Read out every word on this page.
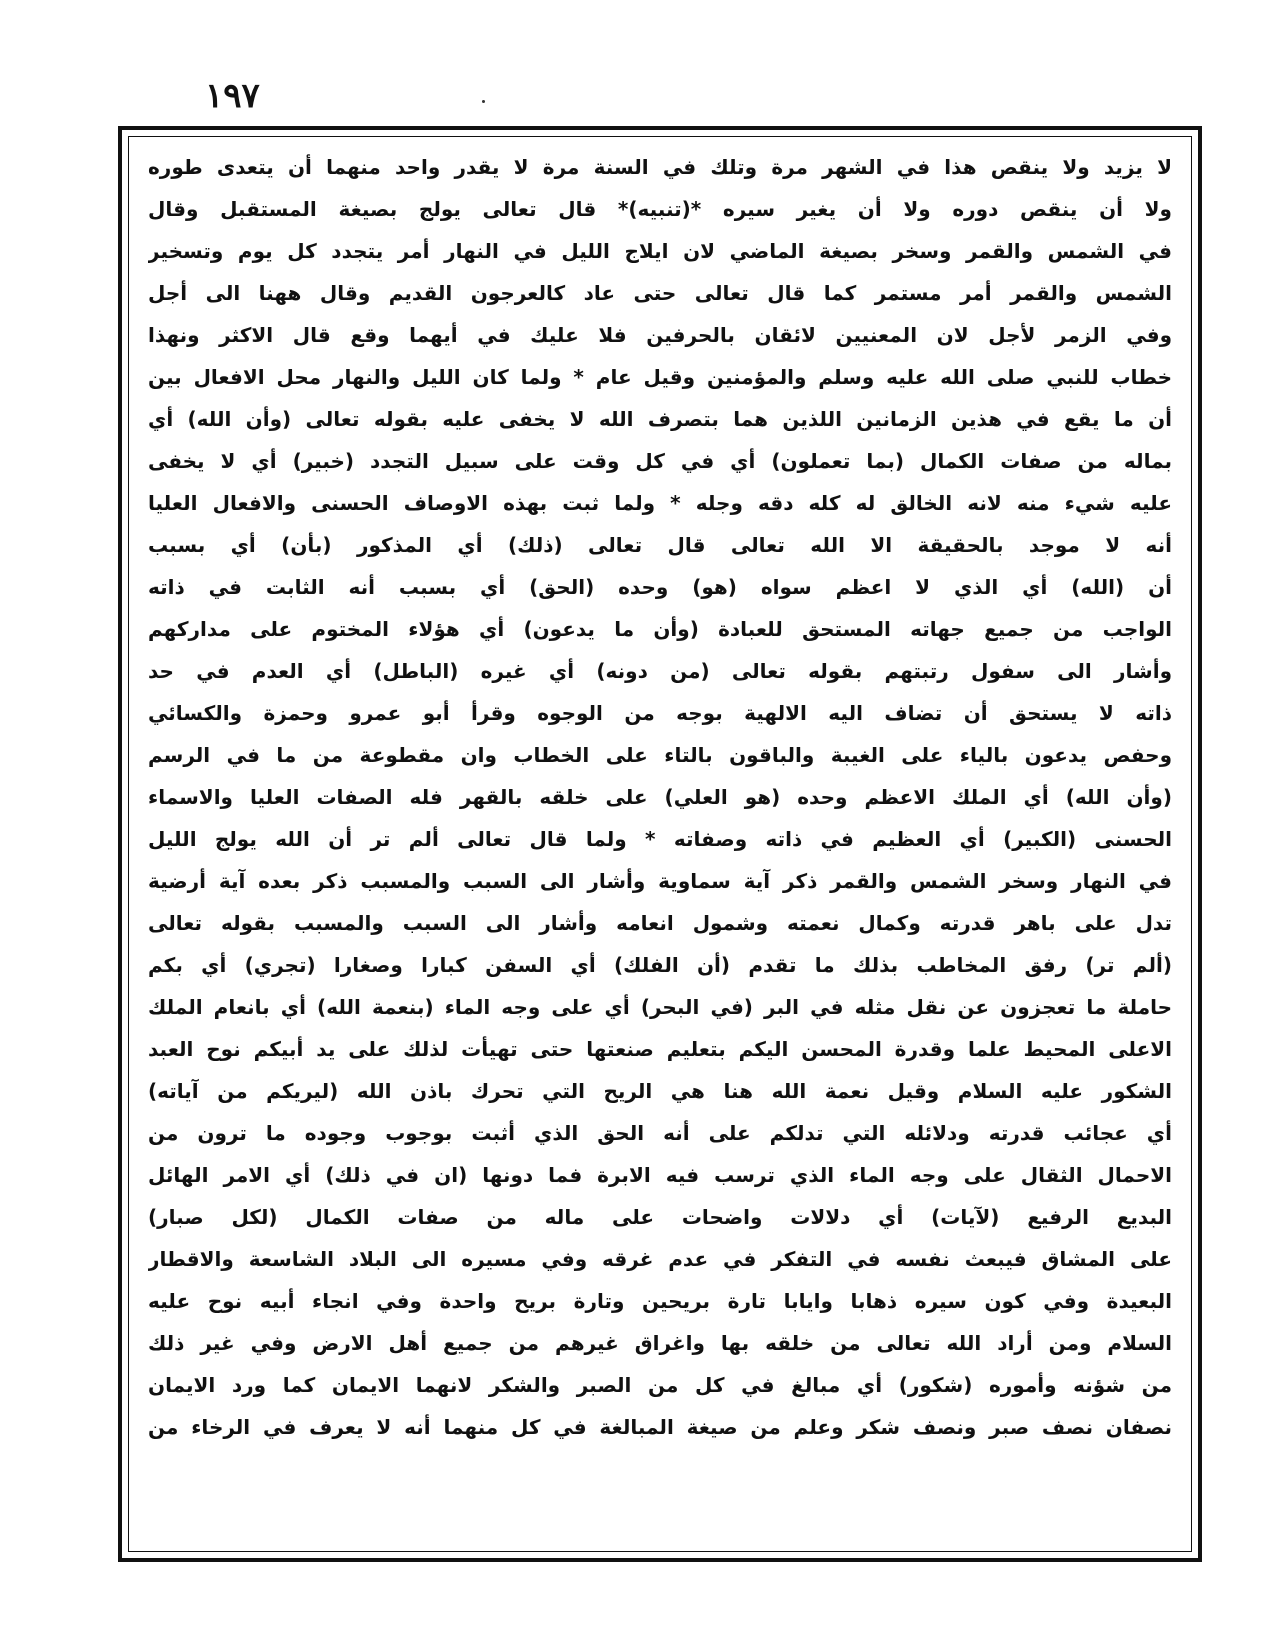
١٩٧
لا يزيد ولا ينقص هذا في الشهر مرة وتلك في السنة مرة لا يقدر واحد منهما أن يتعدى طوره
ولا أن ينقص دوره ولا أن يغير سيره *(تنبيه)* قال تعالى يولج بصيغة المستقبل وقال
في الشمس والقمر وسخر بصيغة الماضي لان ايلاج الليل في النهار أمر يتجدد كل يوم وتسخير
الشمس والقمر أمر مستمر كما قال تعالى حتى عاد كالعرجون القديم وقال ههنا الى أجل
وفي الزمر لأجل لان المعنيين لائقان بالحرفين فلا عليك في أيهما وقع قال الاكثر ونهذا
خطاب للنبي صلى الله عليه وسلم والمؤمنين وقيل عام * ولما كان الليل والنهار محل الافعال بين
أن ما يقع في هذين الزمانين اللذين هما بتصرف الله لا يخفى عليه بقوله تعالى (وأن الله) أي
بماله من صفات الكمال (بما تعملون) أي في كل وقت على سبيل التجدد (خبير) أي لا يخفى
عليه شيء منه لانه الخالق له كله دقه وجله * ولما ثبت بهذه الاوصاف الحسنى والافعال العليا
أنه لا موجد بالحقيقة الا الله تعالى قال تعالى (ذلك) أي المذكور (بأن) أي بسبب
أن (الله) أي الذي لا اعظم سواه (هو) وحده (الحق) أي بسبب أنه الثابت في ذاته
الواجب من جميع جهاته المستحق للعبادة (وأن ما يدعون) أي هؤلاء المختوم على مداركهم
وأشار الى سفول رتبتهم بقوله تعالى (من دونه) أي غيره (الباطل) أي العدم في حد
ذاته لا يستحق أن تضاف اليه الالهية بوجه من الوجوه وقرأ أبو عمرو وحمزة والكسائي
وحفص يدعون بالياء على الغيبة والباقون بالتاء على الخطاب وان مقطوعة من ما في الرسم
(وأن الله) أي الملك الاعظم وحده (هو العلي) على خلقه بالقهر فله الصفات العليا والاسماء
الحسنى (الكبير) أي العظيم في ذاته وصفاته * ولما قال تعالى ألم تر أن الله يولج الليل
في النهار وسخر الشمس والقمر ذكر آية سماوية وأشار الى السبب والمسبب ذكر بعده آية أرضية
تدل على باهر قدرته وكمال نعمته وشمول انعامه وأشار الى السبب والمسبب بقوله تعالى
(ألم تر) رفق المخاطب بذلك ما تقدم (أن الفلك) أي السفن كبارا وصغارا (تجري) أي بكم
حاملة ما تعجزون عن نقل مثله في البر (في البحر) أي على وجه الماء (بنعمة الله) أي بانعام الملك
الاعلى المحيط علما وقدرة المحسن اليكم بتعليم صنعتها حتى تهيأت لذلك على يد أبيكم نوح العبد
الشكور عليه السلام وقيل نعمة الله هنا هي الريح التي تحرك باذن الله (ليريكم من آياته)
أي عجائب قدرته ودلائله التي تدلكم على أنه الحق الذي أثبت بوجوب وجوده ما ترون من
الاحمال الثقال على وجه الماء الذي ترسب فيه الابرة فما دونها (ان في ذلك) أي الامر الهائل
البديع الرفيع (لآيات) أي دلالات واضحات على ماله من صفات الكمال (لكل صبار)
على المشاق فيبعث نفسه في التفكر في عدم غرقه وفي مسيره الى البلاد الشاسعة والاقطار
البعيدة وفي كون سيره ذهابا وايابا تارة بريحين وتارة بريح واحدة وفي انجاء أبيه نوح عليه
السلام ومن أراد الله تعالى من خلقه بها واغراق غيرهم من جميع أهل الارض وفي غير ذلك
من شؤنه وأموره (شكور) أي مبالغ في كل من الصبر والشكر لانهما الايمان كما ورد الايمان
نصفان نصف صبر ونصف شكر وعلم من صيغة المبالغة في كل منهما أنه لا يعرف في الرخاء من
